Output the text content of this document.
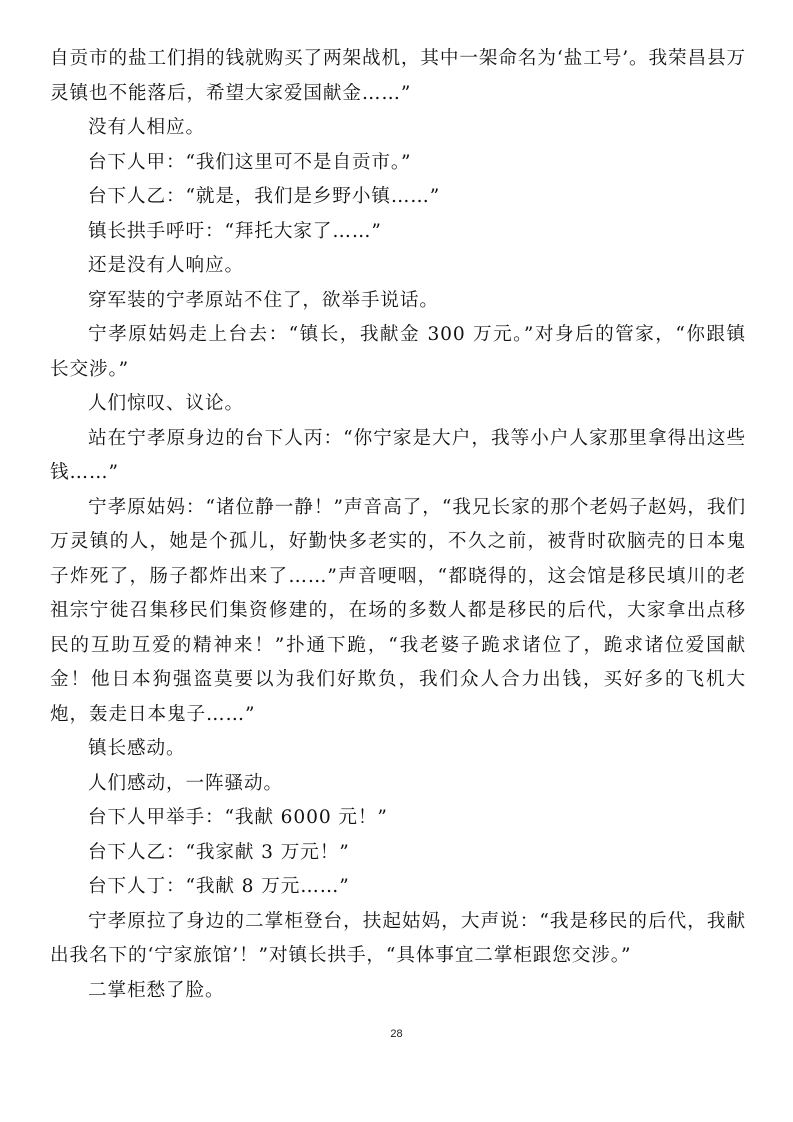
自贡市的盐工们捐的钱就购买了两架战机，其中一架命名为‘盐工号’。我荣昌县万灵镇也不能落后，希望大家爱国献金……”

没有人相应。

台下人甲：“我们这里可不是自贡市。”

台下人乙：“就是，我们是乡野小镇……”

镇长拱手呼吁：“拜托大家了……”

还是没有人响应。

穿军装的宁孝原站不住了，欲举手说话。

宁孝原姑妈走上台去：“镇长，我献金 300 万元。”对身后的管家，“你跟镇长交涉。”

人们惊叹、议论。

站在宁孝原身边的台下人丙：“你宁家是大户，我等小户人家那里拿得出这些钱……”

宁孝原姑妈：“诸位静一静！”声音高了，“我兄长家的那个老妈子赵妈，我们万灵镇的人，她是个孤儿，好勤快多老实的，不久之前，被背时砍脑壳的日本鬼子炸死了，肠子都炸出来了……”声音哽咽，“都晓得的，这会馆是移民填川的老祖宗宁徙召集移民们集资修建的，在场的多数人都是移民的后代，大家拿出点移民的互助互爱的精神来！”扑通下跪，“我老婆子跪求诸位了，跪求诸位爱国献金！他日本狗强盗莫要以为我们好欺负，我们众人合力出钱，买好多的飞机大炮，轰走日本鬼子……”

镇长感动。

人们感动，一阵骚动。

台下人甲举手：“我献 6000 元！”

台下人乙：“我家献 3 万元！”

台下人丁：“我献 8 万元……”

宁孝原拉了身边的二掌柜登台，扶起姑妈，大声说：“我是移民的后代，我献出我名下的‘宁家旅馆’！”对镇长拱手，“具体事宜二掌柜跟您交涉。”

二掌柜愁了脸。

28
